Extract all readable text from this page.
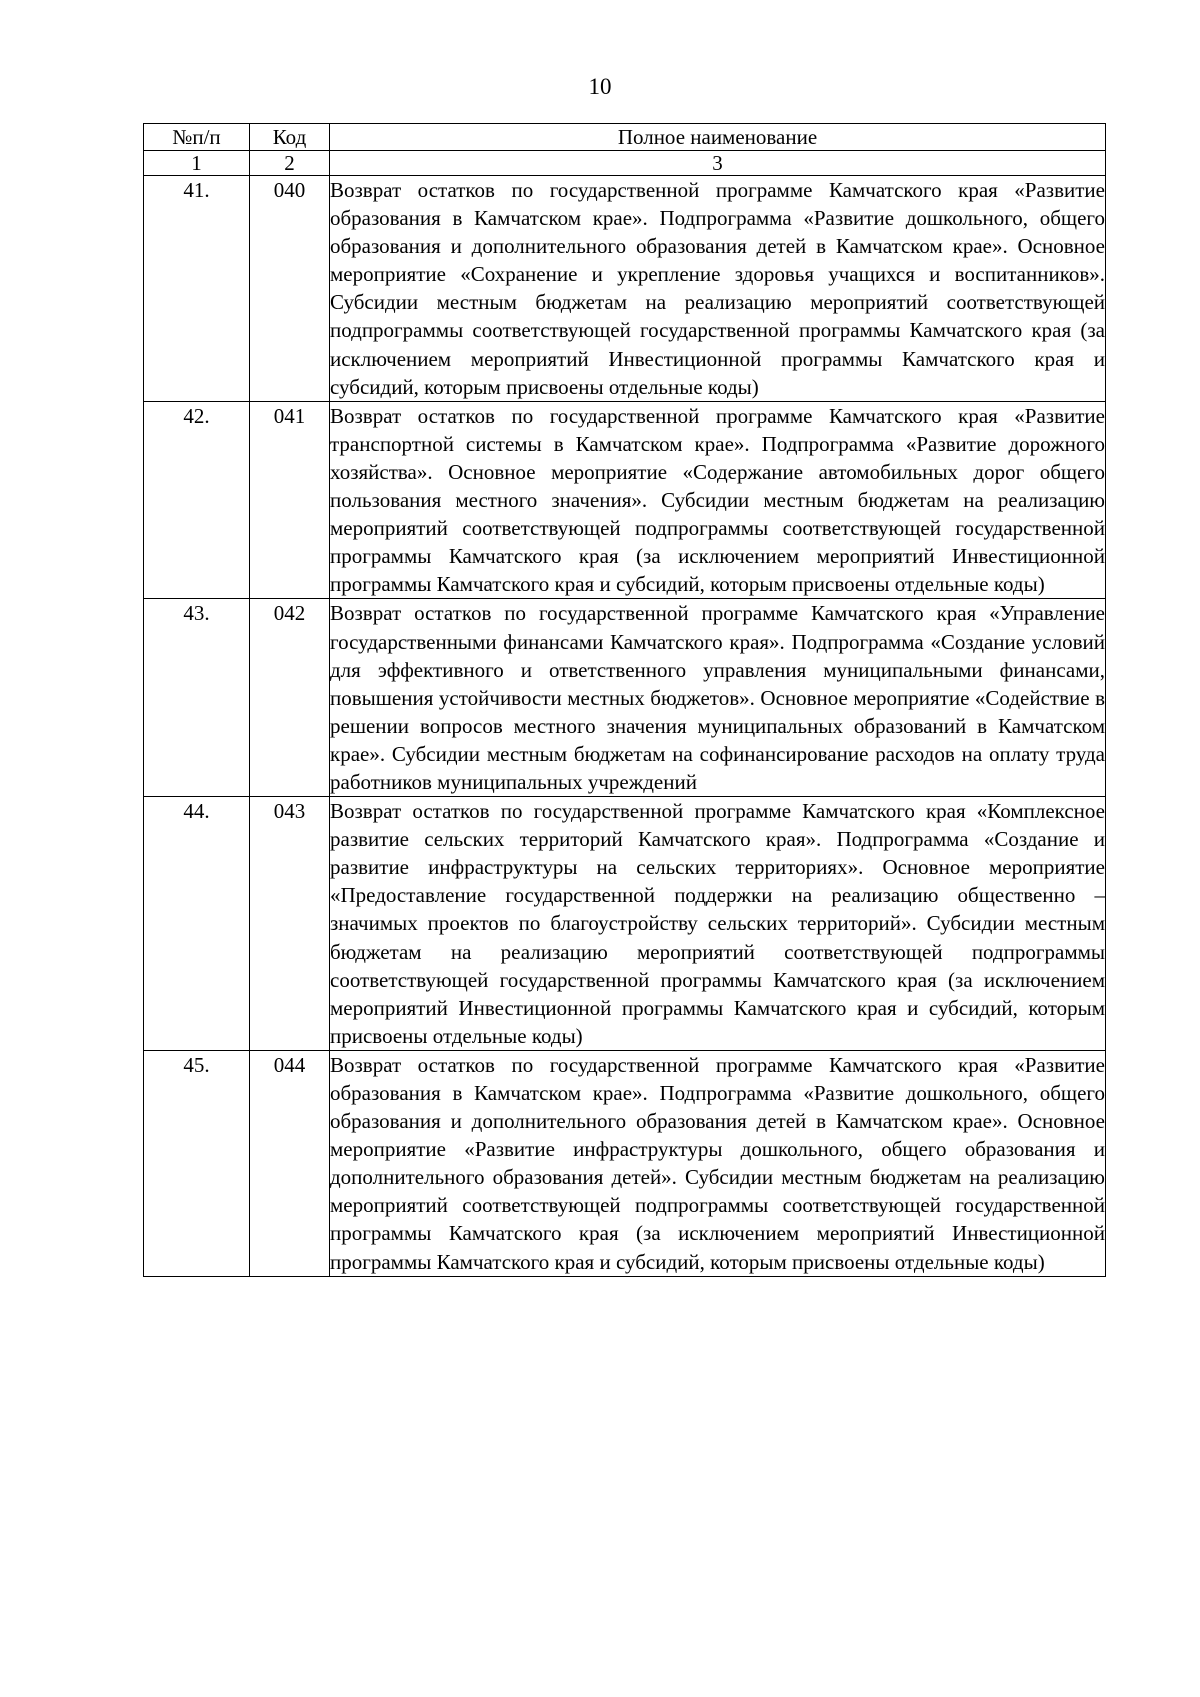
10
№п/п	Код	Полное наименование
1	2	3
41.	040	Возврат остатков по государственной программе Камчатского края «Развитие образования в Камчатском крае». Подпрограмма «Развитие дошкольного, общего образования и дополнительного образования детей в Камчатском крае». Основное мероприятие «Сохранение и укрепление здоровья учащихся и воспитанников». Субсидии местным бюджетам на реализацию мероприятий соответствующей подпрограммы соответствующей государственной программы Камчатского края (за исключением мероприятий Инвестиционной программы Камчатского края и субсидий, которым присвоены отдельные коды)
42.	041	Возврат остатков по государственной программе Камчатского края «Развитие транспортной системы в Камчатском крае». Подпрограмма «Развитие дорожного хозяйства». Основное мероприятие «Содержание автомобильных дорог общего пользования местного значения». Субсидии местным бюджетам на реализацию мероприятий соответствующей подпрограммы соответствующей государственной программы Камчатского края (за исключением мероприятий Инвестиционной программы Камчатского края и субсидий, которым присвоены отдельные коды)
43.	042	Возврат остатков по государственной программе Камчатского края «Управление государственными финансами Камчатского края». Подпрограмма «Создание условий для эффективного и ответственного управления муниципальными финансами, повышения устойчивости местных бюджетов». Основное мероприятие «Содействие в решении вопросов местного значения муниципальных образований в Камчатском крае». Субсидии местным бюджетам на софинансирование расходов на оплату труда работников муниципальных учреждений
44.	043	Возврат остатков по государственной программе Камчатского края «Комплексное развитие сельских территорий Камчатского края». Подпрограмма «Создание и развитие инфраструктуры на сельских территориях». Основное мероприятие «Предоставление государственной поддержки на реализацию общественно – значимых проектов по благоустройству сельских территорий». Субсидии местным бюджетам на реализацию мероприятий соответствующей подпрограммы соответствующей государственной программы Камчатского края (за исключением мероприятий Инвестиционной программы Камчатского края и субсидий, которым присвоены отдельные коды)
45.	044	Возврат остатков по государственной программе Камчатского края «Развитие образования в Камчатском крае». Подпрограмма «Развитие дошкольного, общего образования и дополнительного образования детей в Камчатском крае». Основное мероприятие «Развитие инфраструктуры дошкольного, общего образования и дополнительного образования детей». Субсидии местным бюджетам на реализацию мероприятий соответствующей подпрограммы соответствующей государственной программы Камчатского края (за исключением мероприятий Инвестиционной программы Камчатского края и субсидий, которым присвоены отдельные коды)
